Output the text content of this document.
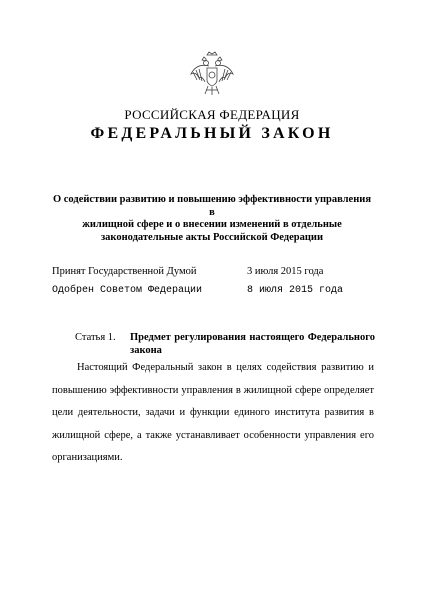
РОССИЙСКАЯ ФЕДЕРАЦИЯ
ФЕДЕРАЛЬНЫЙ ЗАКОН
О содействии развитию и повышению эффективности управления в
жилищной сфере и о внесении изменений в отдельные
законодательные акты Российской Федерации
Принят Государственной Думой	3 июля 2015 года
Одобрен Советом Федерации	8 июля 2015 года
Статья 1. Предмет регулирования настоящего Федерального закона
Настоящий Федеральный закон в целях содействия развитию и повышению эффективности управления в жилищной сфере определяет цели деятельности, задачи и функции единого института развития в жилищной сфере, а также устанавливает особенности управления его организациями.
